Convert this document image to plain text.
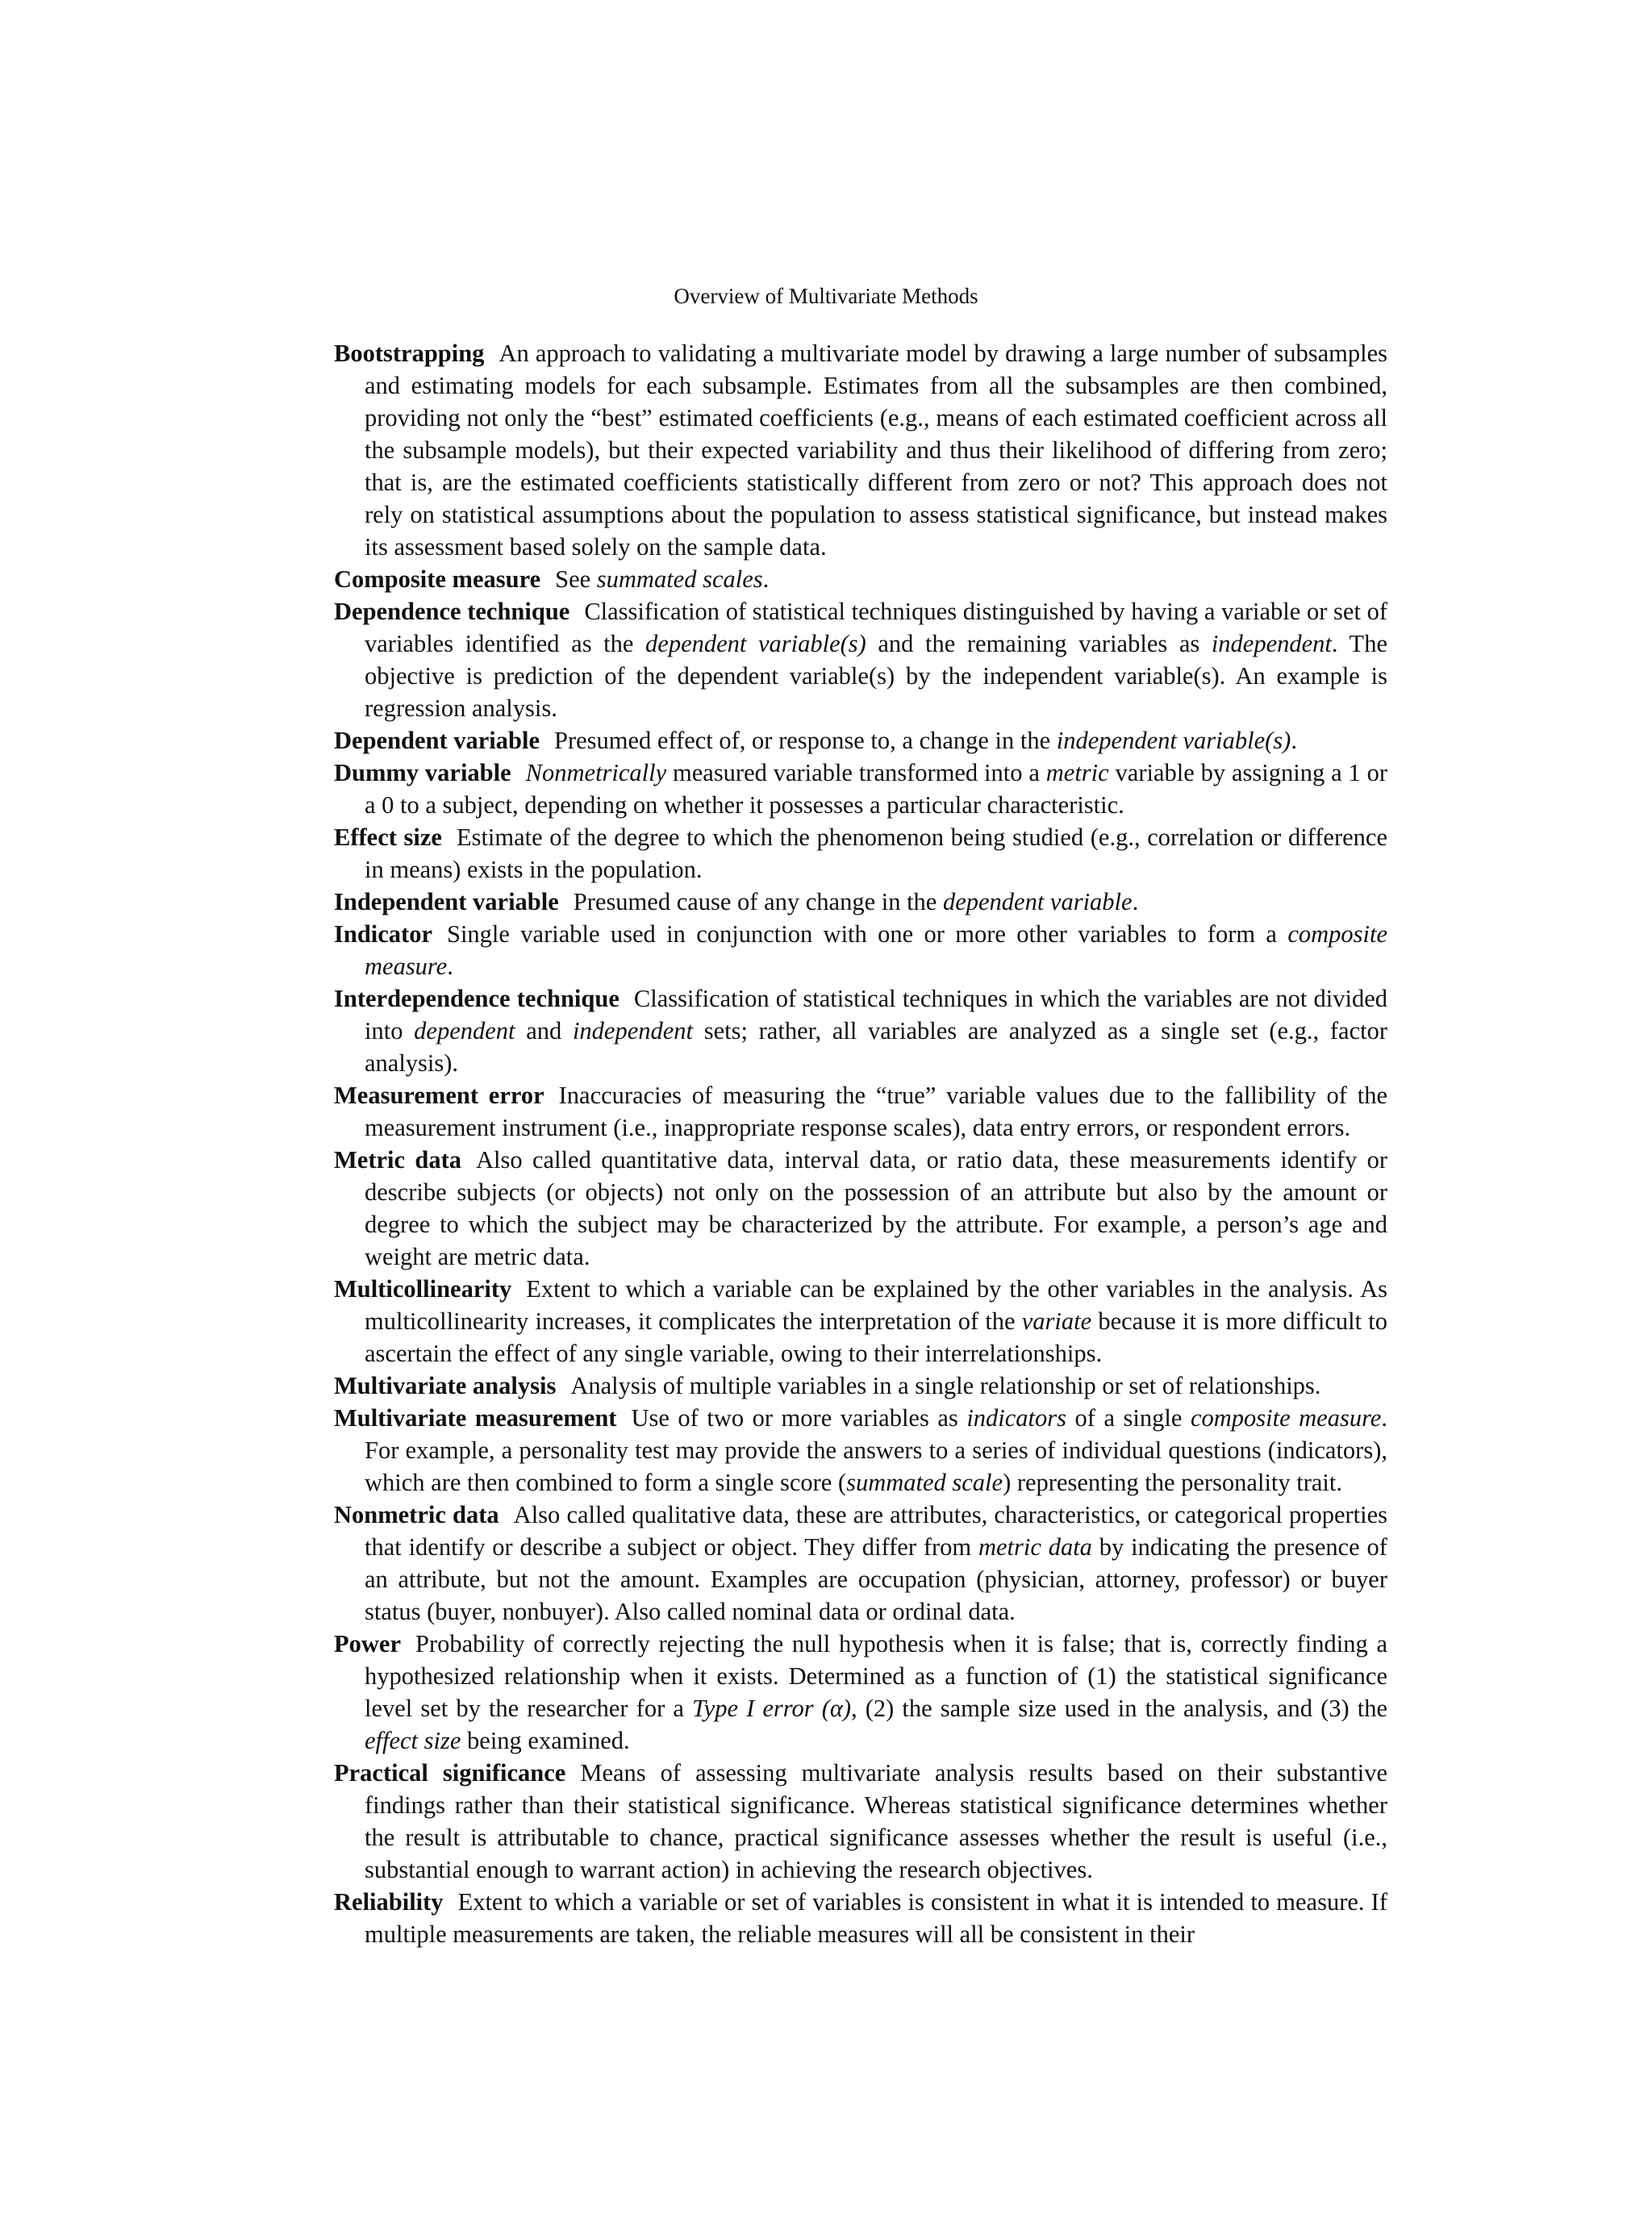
Overview of Multivariate Methods

Bootstrapping An approach to validating a multivariate model by drawing a large number of subsamples and estimating models for each subsample. Estimates from all the subsamples are then combined, providing not only the “best” estimated coefficients (e.g., means of each estimated coefficient across all the subsample models), but their expected variability and thus their likelihood of differing from zero; that is, are the estimated coefficients statistically different from zero or not? This approach does not rely on statistical assumptions about the population to assess statistical significance, but instead makes its assessment based solely on the sample data.

Composite measure See summated scales.

Dependence technique Classification of statistical techniques distinguished by having a variable or set of variables identified as the dependent variable(s) and the remaining variables as independent. The objective is prediction of the dependent variable(s) by the independent variable(s). An example is regression analysis.

Dependent variable Presumed effect of, or response to, a change in the independent variable(s).

Dummy variable Nonmetrically measured variable transformed into a metric variable by assigning a 1 or a 0 to a subject, depending on whether it possesses a particular characteristic.

Effect size Estimate of the degree to which the phenomenon being studied (e.g., correlation or difference in means) exists in the population.

Independent variable Presumed cause of any change in the dependent variable.

Indicator Single variable used in conjunction with one or more other variables to form a composite measure.

Interdependence technique Classification of statistical techniques in which the variables are not divided into dependent and independent sets; rather, all variables are analyzed as a single set (e.g., factor analysis).

Measurement error Inaccuracies of measuring the “true” variable values due to the fallibility of the measurement instrument (i.e., inappropriate response scales), data entry errors, or respondent errors.

Metric data Also called quantitative data, interval data, or ratio data, these measurements identify or describe subjects (or objects) not only on the possession of an attribute but also by the amount or degree to which the subject may be characterized by the attribute. For example, a person’s age and weight are metric data.

Multicollinearity Extent to which a variable can be explained by the other variables in the analysis. As multicollinearity increases, it complicates the interpretation of the variate because it is more difficult to ascertain the effect of any single variable, owing to their interrelationships.

Multivariate analysis Analysis of multiple variables in a single relationship or set of relationships.

Multivariate measurement Use of two or more variables as indicators of a single composite measure. For example, a personality test may provide the answers to a series of individual questions (indicators), which are then combined to form a single score (summated scale) representing the personality trait.

Nonmetric data Also called qualitative data, these are attributes, characteristics, or categorical properties that identify or describe a subject or object. They differ from metric data by indicating the presence of an attribute, but not the amount. Examples are occupation (physician, attorney, professor) or buyer status (buyer, nonbuyer). Also called nominal data or ordinal data.

Power Probability of correctly rejecting the null hypothesis when it is false; that is, correctly finding a hypothesized relationship when it exists. Determined as a function of (1) the statistical significance level set by the researcher for a Type I error (α), (2) the sample size used in the analysis, and (3) the effect size being examined.

Practical significance Means of assessing multivariate analysis results based on their substantive findings rather than their statistical significance. Whereas statistical significance determines whether the result is attributable to chance, practical significance assesses whether the result is useful (i.e., substantial enough to warrant action) in achieving the research objectives.

Reliability Extent to which a variable or set of variables is consistent in what it is intended to measure. If multiple measurements are taken, the reliable measures will all be consistent in their
